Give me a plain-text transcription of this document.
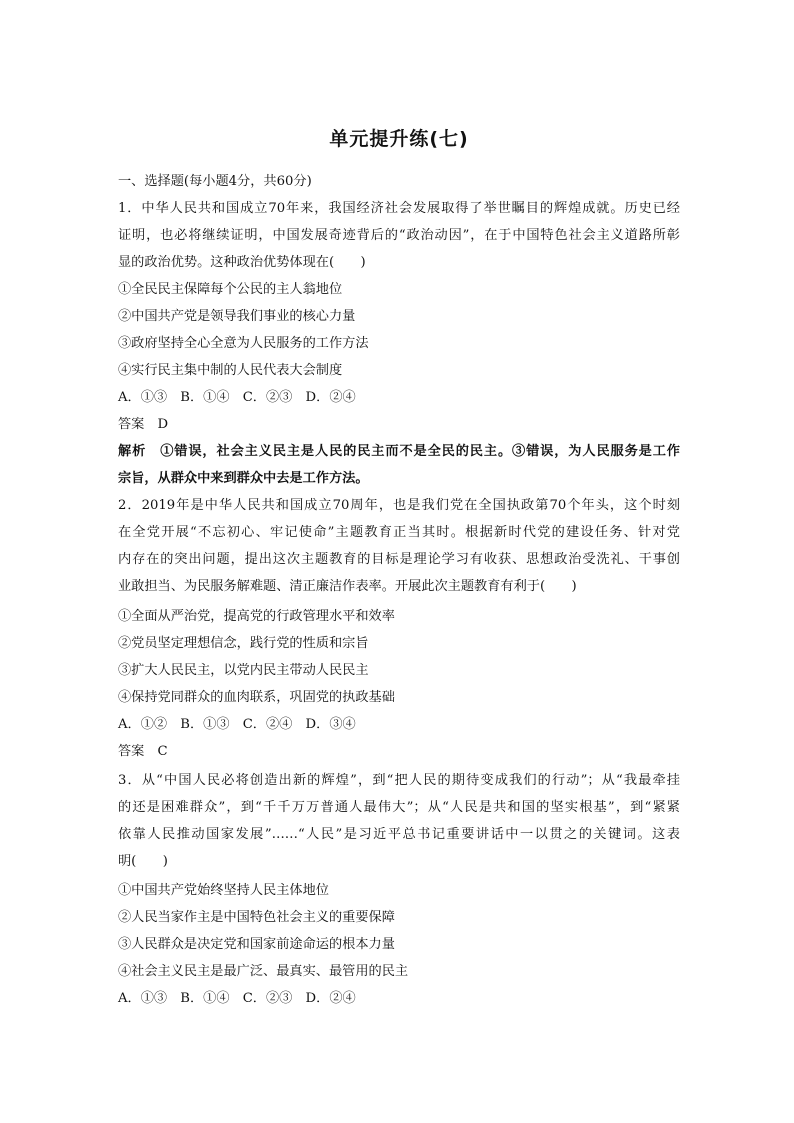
单元提升练(七)
一、选择题(每小题4分，共60分)
1．中华人民共和国成立70年来，我国经济社会发展取得了举世瞩目的辉煌成就。历史已经
证明，也必将继续证明，中国发展奇迹背后的“政治动因”，在于中国特色社会主义道路所彰
显的政治优势。这种政治优势体现在(　　)
①全民民主保障每个公民的主人翁地位
②中国共产党是领导我们事业的核心力量
③政府坚持全心全意为人民服务的工作方法
④实行民主集中制的人民代表大会制度
A．①③　B．①④　C．②③　D．②④
答案　D
解析　①错误，社会主义民主是人民的民主而不是全民的民主。③错误，为人民服务是工作
宗旨，从群众中来到群众中去是工作方法。
2．2019年是中华人民共和国成立70周年，也是我们党在全国执政第70个年头，这个时刻
在全党开展“不忘初心、牢记使命”主题教育正当其时。根据新时代党的建设任务、针对党
内存在的突出问题，提出这次主题教育的目标是理论学习有收获、思想政治受洗礼、干事创
业敢担当、为民服务解难题、清正廉洁作表率。开展此次主题教育有利于(　　)
①全面从严治党，提高党的行政管理水平和效率
②党员坚定理想信念，践行党的性质和宗旨
③扩大人民民主，以党内民主带动人民民主
④保持党同群众的血肉联系，巩固党的执政基础
A．①②　B．①③　C．②④　D．③④
答案　C
3．从“中国人民必将创造出新的辉煌”，到“把人民的期待变成我们的行动”；从“我最牵挂
的还是困难群众”，到“千千万万普通人最伟大”；从“人民是共和国的坚实根基”，到“紧紧
依靠人民推动国家发展”……“人民”是习近平总书记重要讲话中一以贯之的关键词。这表
明(　　)
①中国共产党始终坚持人民主体地位
②人民当家作主是中国特色社会主义的重要保障
③人民群众是决定党和国家前途命运的根本力量
④社会主义民主是最广泛、最真实、最管用的民主
A．①③　B．①④　C．②③　D．②④
